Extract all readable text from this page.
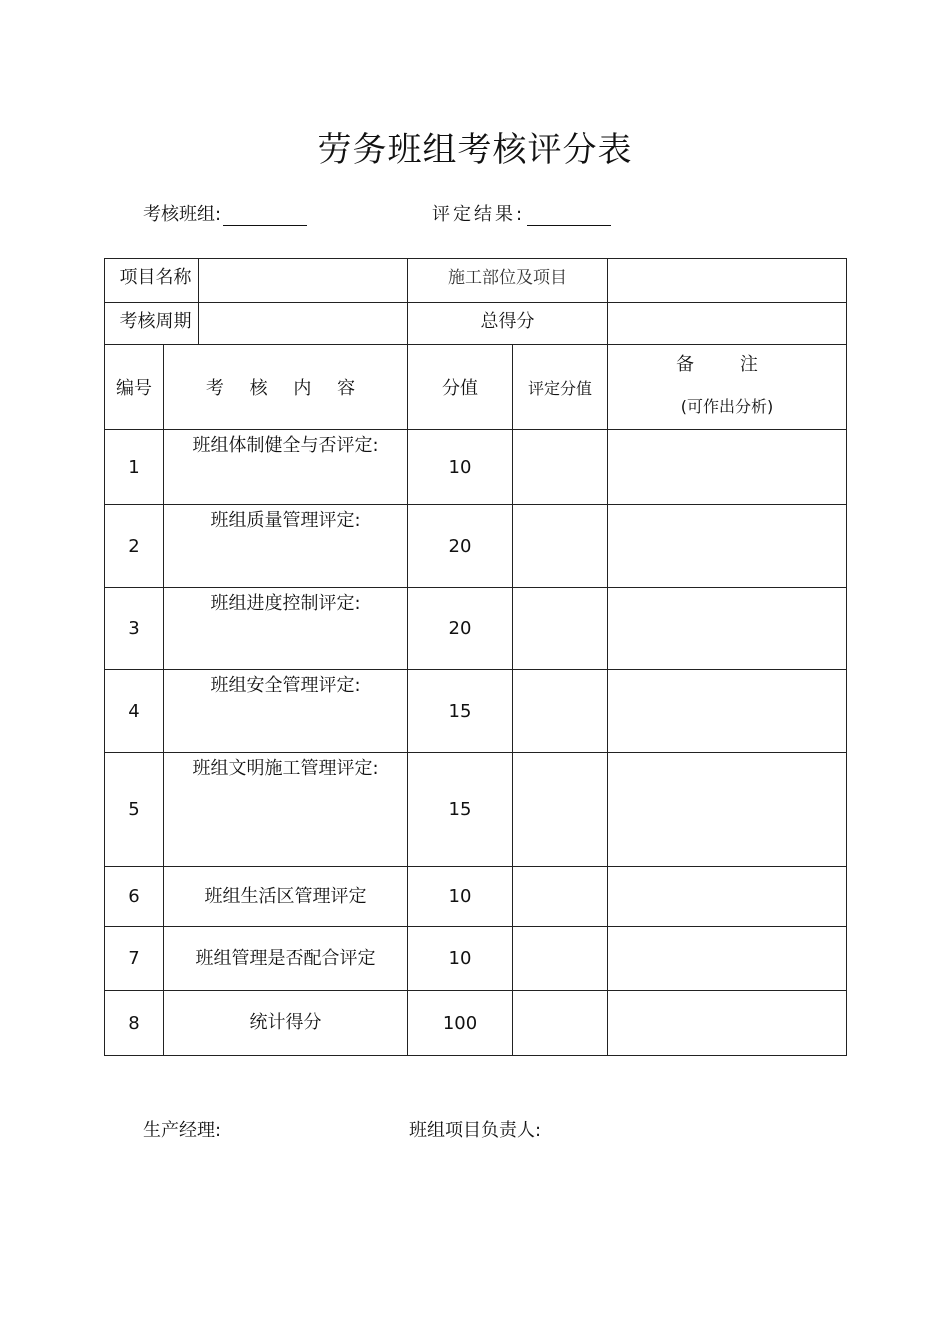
劳务班组考核评分表
考核班组:	评定结果:
项目名称			施工部位及项目		
考核周期			总得分		
编号	考 核 内 容		分值	评定分值	备 注
(可作出分析)

1	班组体制健全与否评定:		10		
2	班组质量管理评定:		20		
3	班组进度控制评定:		20		
4	班组安全管理评定:		15		
5	班组文明施工管理评定:		15		
6	班组生活区管理评定		10		
7	班组管理是否配合评定		10		
8	统计得分		100		
生产经理:	班组项目负责人:
